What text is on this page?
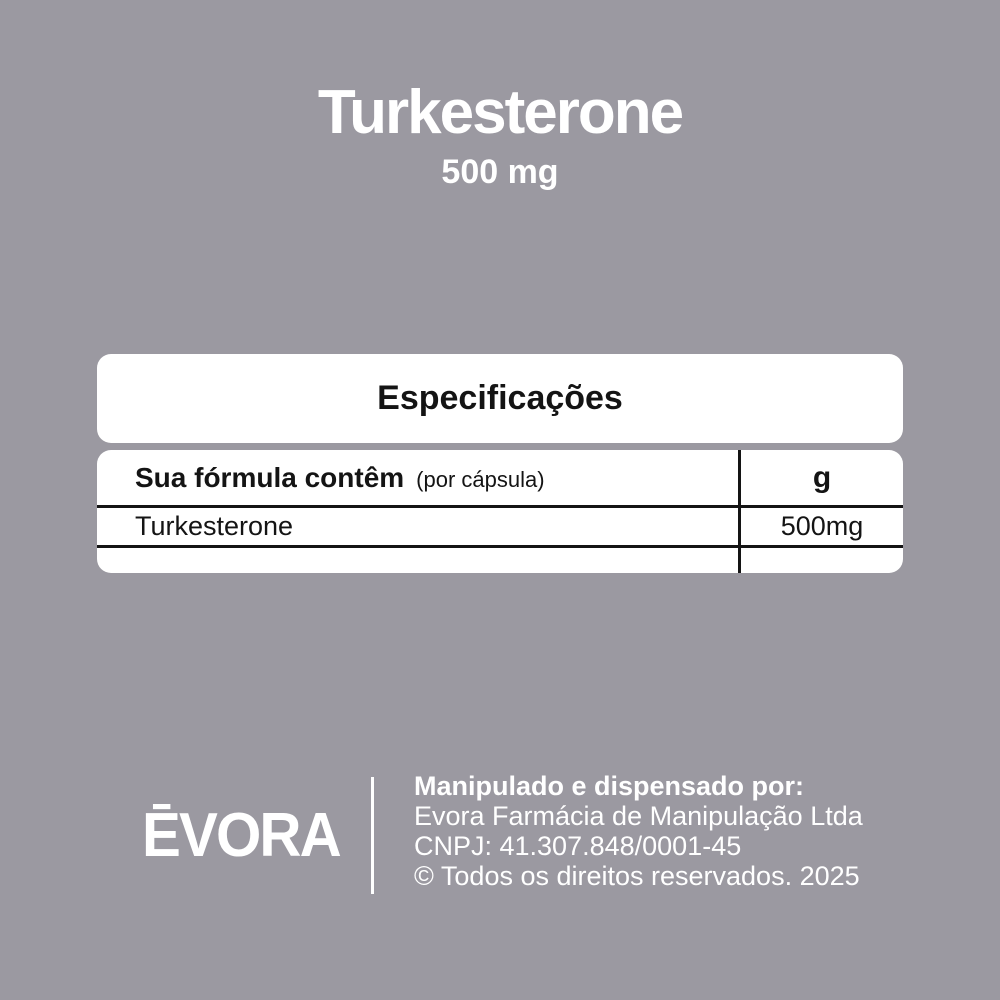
Turkesterone
500 mg
Especificações
Sua fórmula contêm (por cápsula)	g
Turkesterone	500mg
ĒVORA
Manipulado e dispensado por:
Evora Farmácia de Manipulação Ltda
CNPJ: 41.307.848/0001-45
© Todos os direitos reservados. 2025
